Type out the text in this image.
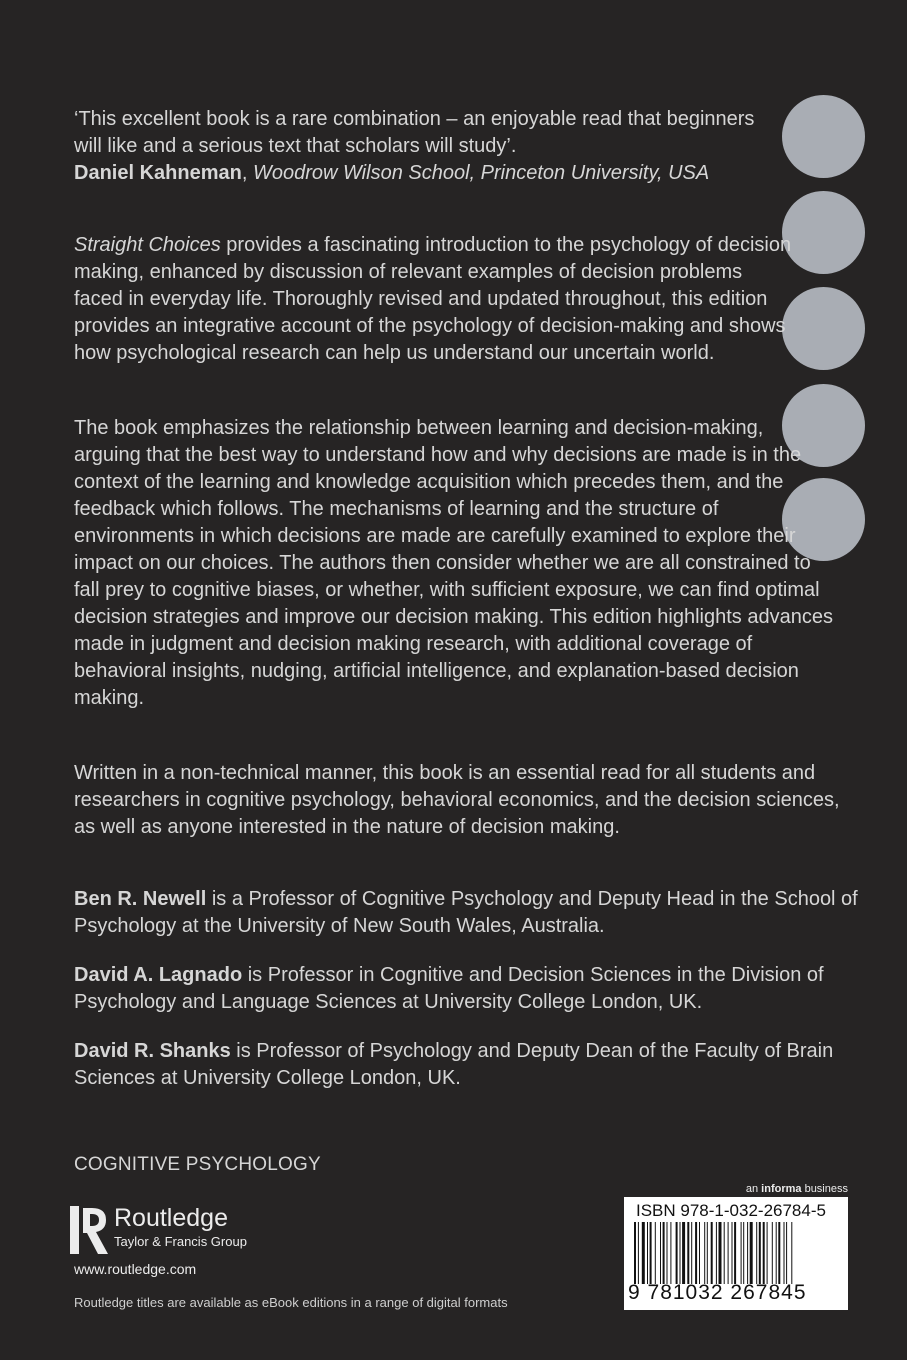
‘This excellent book is a rare combination – an enjoyable read that beginners will like and a serious text that scholars will study’.
Daniel Kahneman, Woodrow Wilson School, Princeton University, USA

Straight Choices provides a fascinating introduction to the psychology of decision making, enhanced by discussion of relevant examples of decision problems faced in everyday life. Thoroughly revised and updated throughout, this edition provides an integrative account of the psychology of decision-making and shows how psychological research can help us understand our uncertain world.

The book emphasizes the relationship between learning and decision-making, arguing that the best way to understand how and why decisions are made is in the context of the learning and knowledge acquisition which precedes them, and the feedback which follows. The mechanisms of learning and the structure of environments in which decisions are made are carefully examined to explore their impact on our choices. The authors then consider whether we are all constrained to fall prey to cognitive biases, or whether, with sufficient exposure, we can find optimal decision strategies and improve our decision making. This edition highlights advances made in judgment and decision making research, with additional coverage of behavioral insights, nudging, artificial intelligence, and explanation-based decision making.

Written in a non-technical manner, this book is an essential read for all students and researchers in cognitive psychology, behavioral economics, and the decision sciences, as well as anyone interested in the nature of decision making.

Ben R. Newell is a Professor of Cognitive Psychology and Deputy Head in the School of Psychology at the University of New South Wales, Australia.

David A. Lagnado is Professor in Cognitive and Decision Sciences in the Division of Psychology and Language Sciences at University College London, UK.

David R. Shanks is Professor of Psychology and Deputy Dean of the Faculty of Brain Sciences at University College London, UK.

COGNITIVE PSYCHOLOGY
Routledge
Taylor & Francis Group
www.routledge.com
Routledge titles are available as eBook editions in a range of digital formats
an informa business
ISBN 978-1-032-26784-5
9 781032 267845
